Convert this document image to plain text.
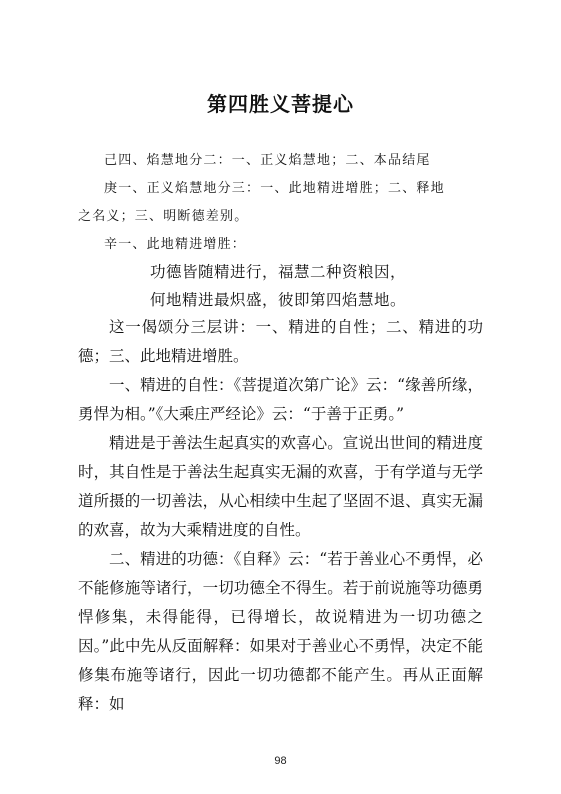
第四胜义菩提心
己四、焰慧地分二：一、正义焰慧地；二、本品结尾
庚一、正义焰慧地分三：一、此地精进增胜；二、释地
之名义；三、明断德差别。
辛一、此地精进增胜：
功德皆随精进行，福慧二种资粮因，
何地精进最炽盛，彼即第四焰慧地。

这一偈颂分三层讲：一、精进的自性；二、精进的功德；三、此地精进增胜。

一、精进的自性：《菩提道次第广论》云：“缘善所缘，勇悍为相。”《大乘庄严经论》云：“于善于正勇。”

精进是于善法生起真实的欢喜心。宣说出世间的精进度时，其自性是于善法生起真实无漏的欢喜，于有学道与无学道所摄的一切善法，从心相续中生起了坚固不退、真实无漏的欢喜，故为大乘精进度的自性。

二、精进的功德：《自释》云：“若于善业心不勇悍，必不能修施等诸行，一切功德全不得生。若于前说施等功德勇悍修集，未得能得，已得增长，故说精进为一切功德之因。”此中先从反面解释：如果对于善业心不勇悍，决定不能修集布施等诸行，因此一切功德都不能产生。再从正面解释：如

98
